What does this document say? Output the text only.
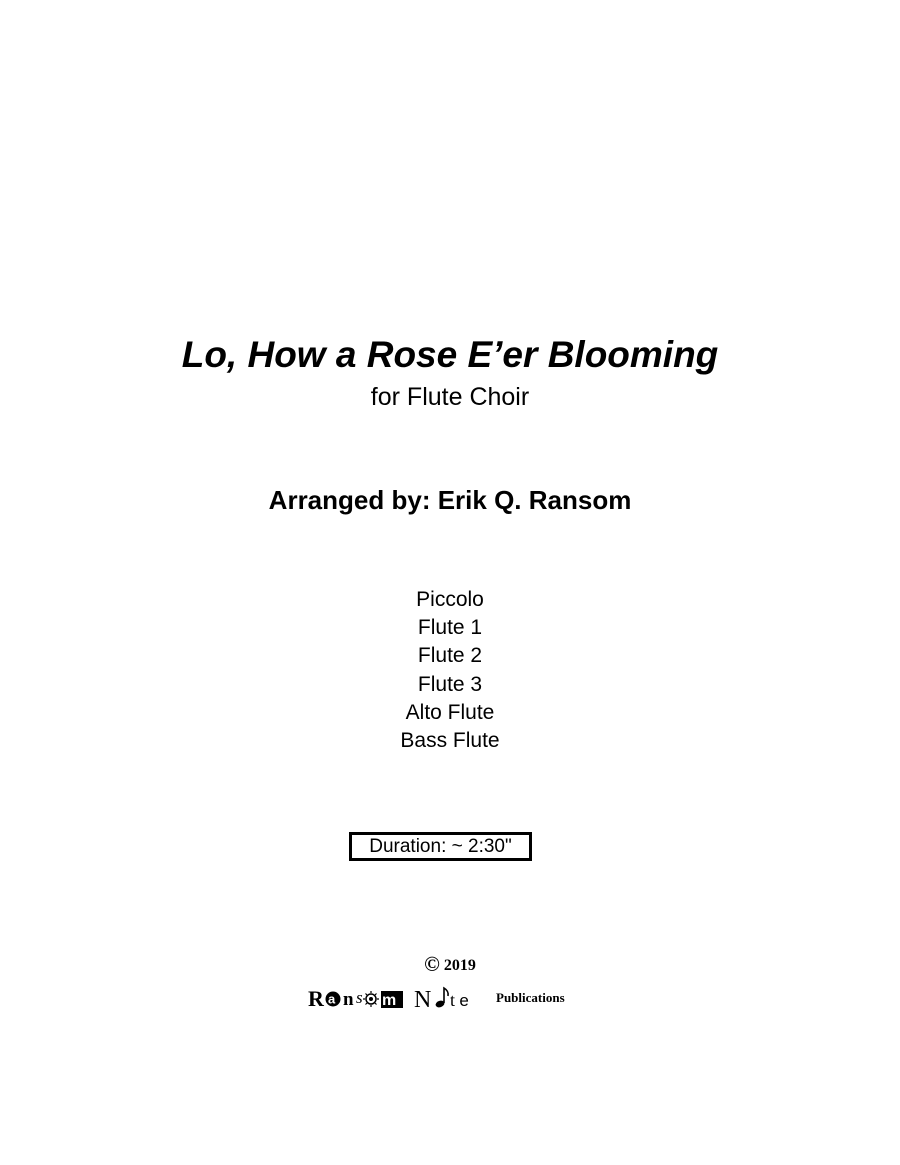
Lo, How a Rose E’er Blooming
for Flute Choir
Arranged by: Erik Q. Ransom
Piccolo
Flute 1
Flute 2
Flute 3
Alto Flute
Bass Flute
Duration: ~ 2:30"
© 2019
R a n s m N t e Publications
